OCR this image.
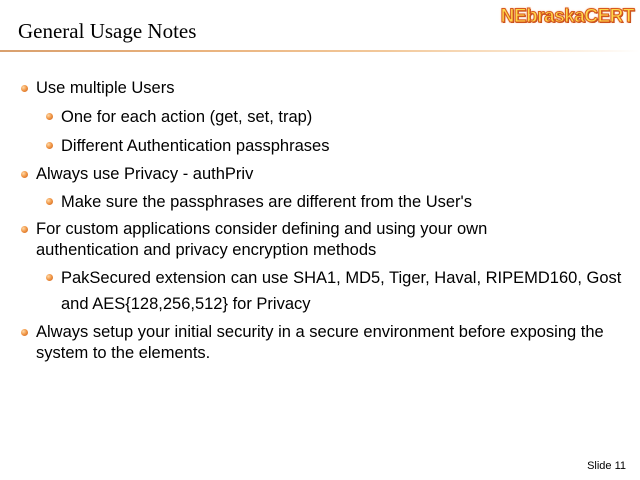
General Usage Notes
NEbraskaCERT
Use multiple Users
One for each action (get, set, trap)
Different Authentication passphrases
Always use Privacy - authPriv
Make sure the passphrases are different from the User's
For custom applications consider defining and using your own authentication and privacy encryption methods
PakSecured extension can use SHA1, MD5, Tiger, Haval, RIPEMD160, Gost and AES{128,256,512} for Privacy
Always setup your initial security in a secure environment before exposing the system to the elements.
Slide 11
